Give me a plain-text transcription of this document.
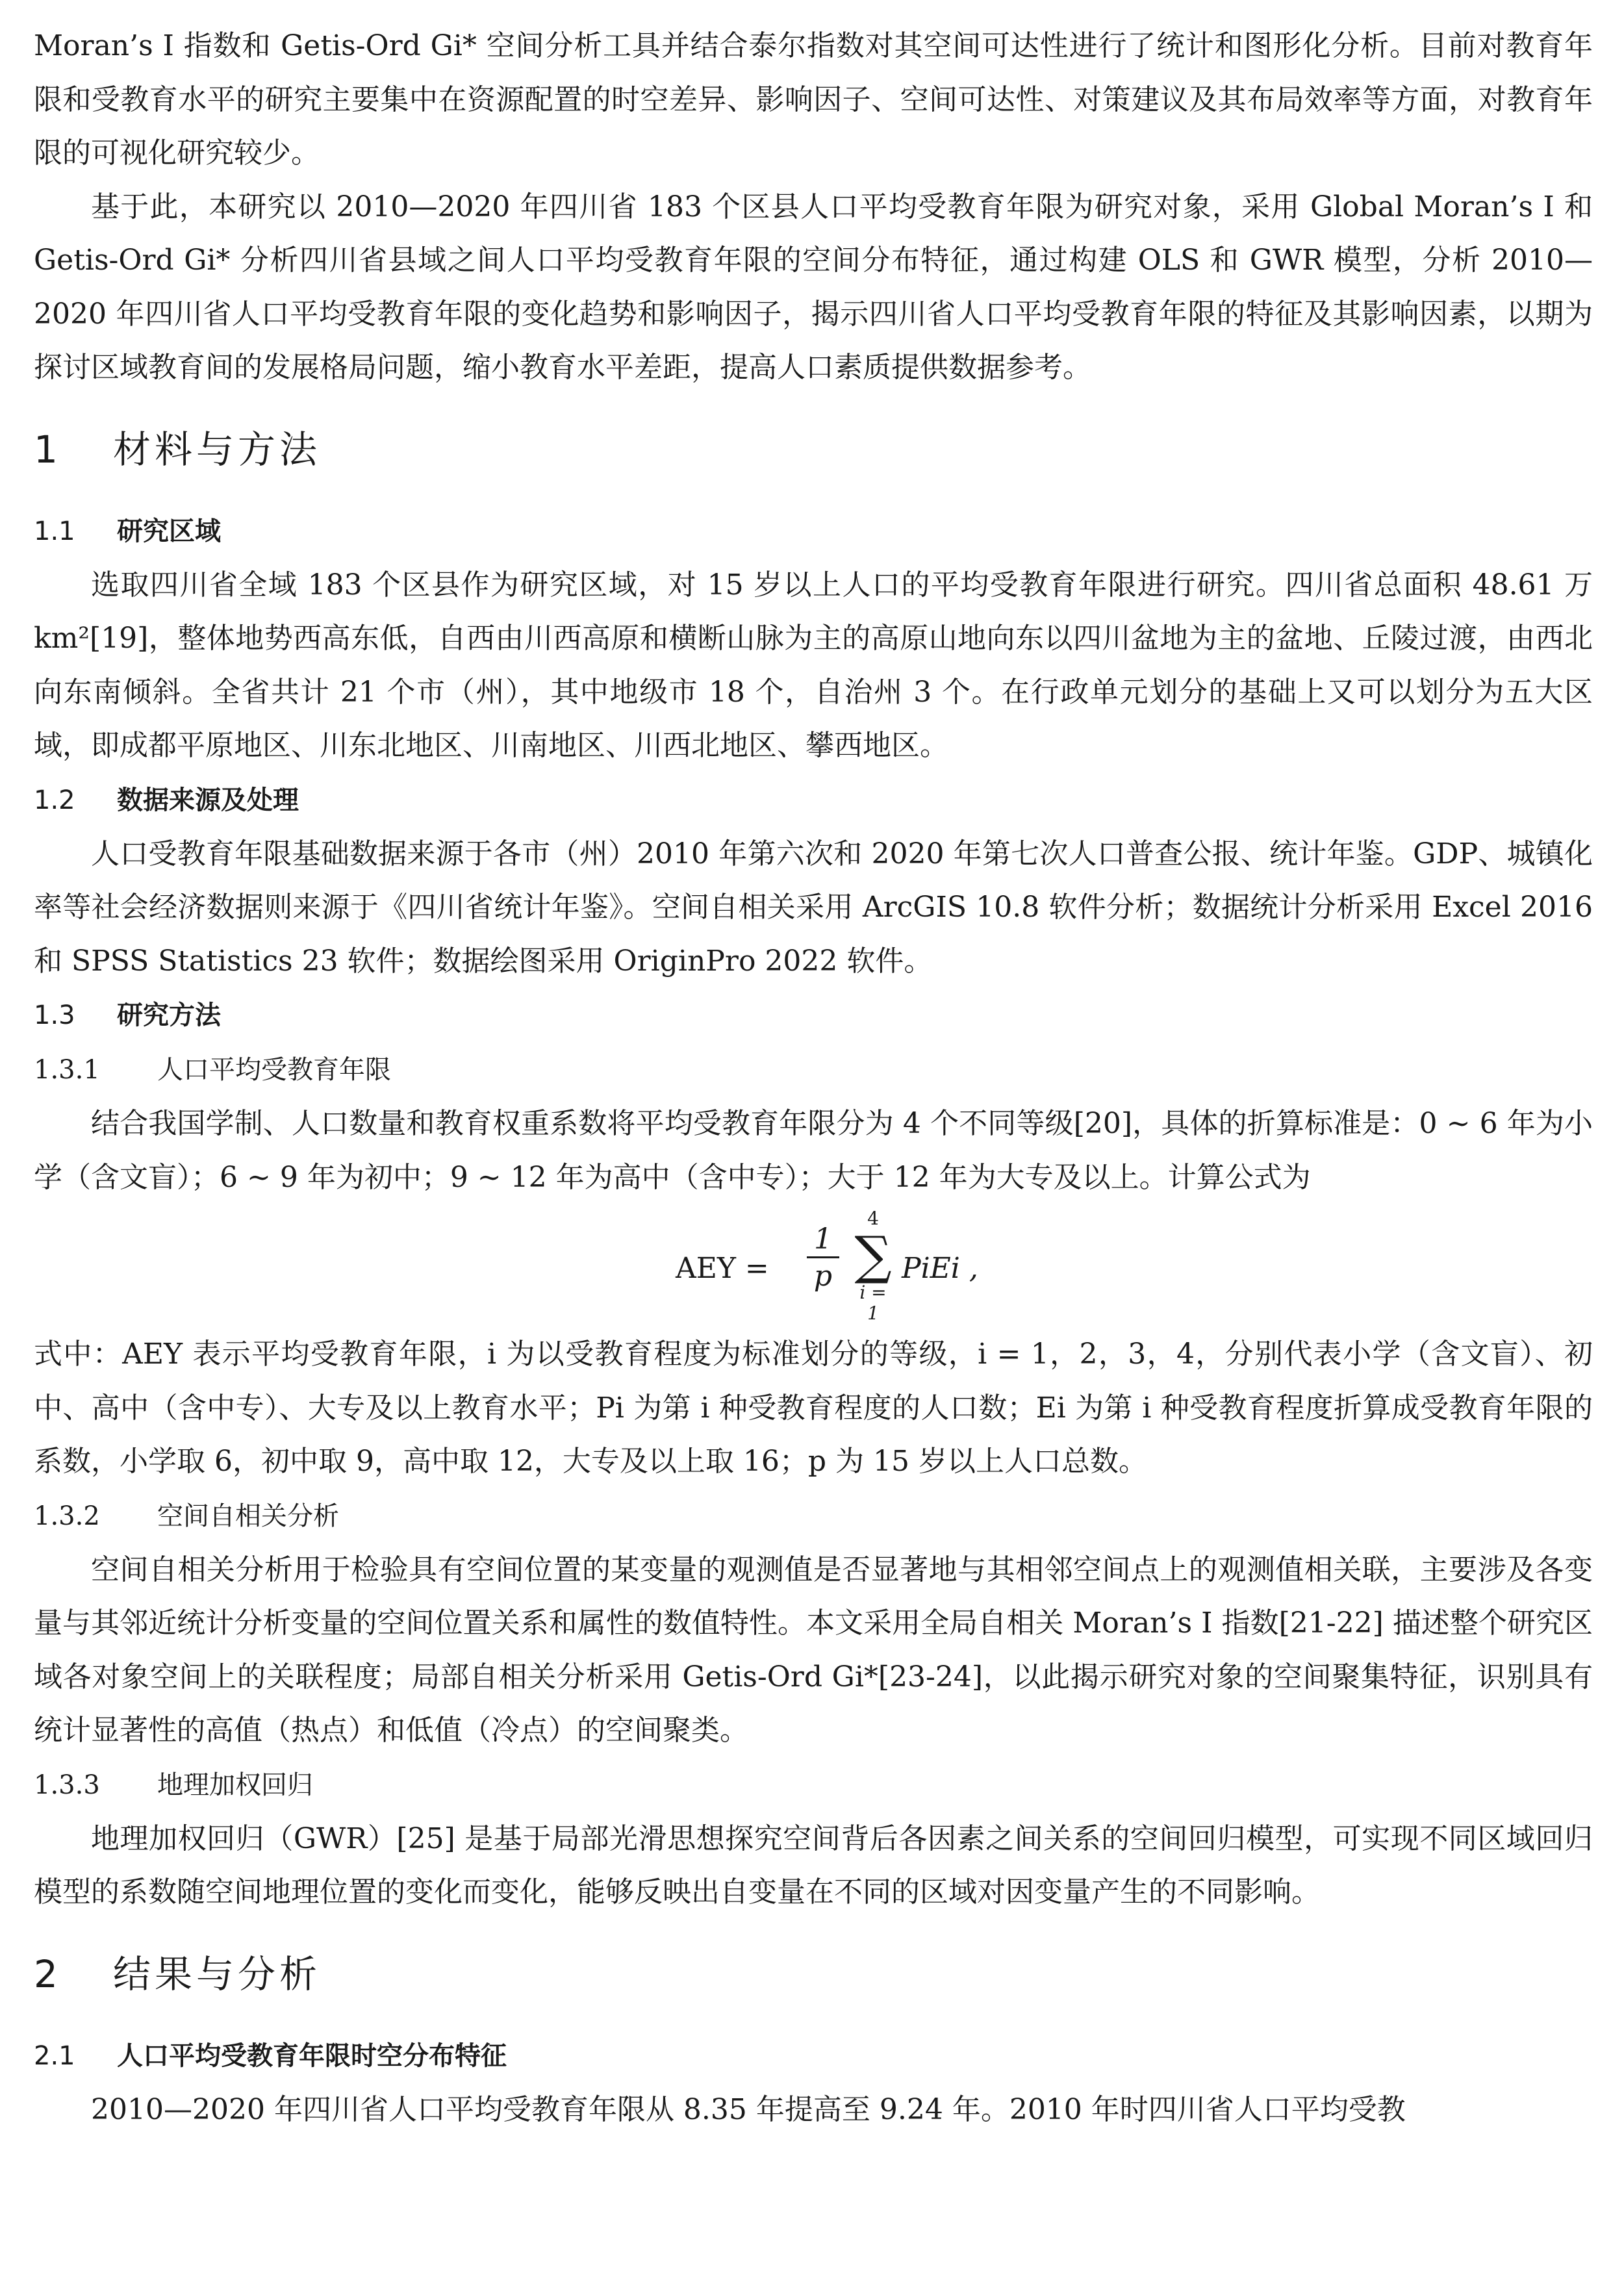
Moran’s I 指数和 Getis-Ord Gi* 空间分析工具并结合泰尔指数对其空间可达性进行了统计和图形化分析。目前对教育年限和受教育水平的研究主要集中在资源配置的时空差异、影响因子、空间可达性、对策建议及其布局效率等方面，对教育年限的可视化研究较少。

基于此，本研究以 2010—2020 年四川省 183 个区县人口平均受教育年限为研究对象，采用 Global Moran’s I 和 Getis-Ord Gi* 分析四川省县域之间人口平均受教育年限的空间分布特征，通过构建 OLS 和 GWR 模型，分析 2010—2020 年四川省人口平均受教育年限的变化趋势和影响因子，揭示四川省人口平均受教育年限的特征及其影响因素，以期为探讨区域教育间的发展格局问题，缩小教育水平差距，提高人口素质提供数据参考。

1 材料与方法
1.1 研究区域

选取四川省全域 183 个区县作为研究区域，对 15 岁以上人口的平均受教育年限进行研究。四川省总面积 48.61 万 km²[19]，整体地势西高东低，自西由川西高原和横断山脉为主的高原山地向东以四川盆地为主的盆地、丘陵过渡，由西北向东南倾斜。全省共计 21 个市（州），其中地级市 18 个，自治州 3 个。在行政单元划分的基础上又可以划分为五大区域，即成都平原地区、川东北地区、川南地区、川西北地区、攀西地区。

1.2 数据来源及处理

人口受教育年限基础数据来源于各市（州）2010 年第六次和 2020 年第七次人口普查公报、统计年鉴。GDP、城镇化率等社会经济数据则来源于《四川省统计年鉴》。空间自相关采用 ArcGIS 10.8 软件分析；数据统计分析采用 Excel 2016 和 SPSS Statistics 23 软件；数据绘图采用 OriginPro 2022 软件。

1.3 研究方法
1.3.1 人口平均受教育年限

结合我国学制、人口数量和教育权重系数将平均受教育年限分为 4 个不同等级[20]，具体的折算标准是：0 ~ 6 年为小学（含文盲）；6 ~ 9 年为初中；9 ~ 12 年为高中（含中专）；大于 12 年为大专及以上。计算公式为

AEY =
1
p
4
∑
i = 1
PiEi ,

式中：AEY 表示平均受教育年限，i 为以受教育程度为标准划分的等级，i = 1，2，3，4，分别代表小学（含文盲）、初中、高中（含中专）、大专及以上教育水平；Pi 为第 i 种受教育程度的人口数；Ei 为第 i 种受教育程度折算成受教育年限的系数，小学取 6，初中取 9，高中取 12，大专及以上取 16；p 为 15 岁以上人口总数。

1.3.2 空间自相关分析

空间自相关分析用于检验具有空间位置的某变量的观测值是否显著地与其相邻空间点上的观测值相关联，主要涉及各变量与其邻近统计分析变量的空间位置关系和属性的数值特性。本文采用全局自相关 Moran’s I 指数[21-22] 描述整个研究区域各对象空间上的关联程度；局部自相关分析采用 Getis-Ord Gi*[23-24]，以此揭示研究对象的空间聚集特征，识别具有统计显著性的高值（热点）和低值（冷点）的空间聚类。

1.3.3 地理加权回归

地理加权回归（GWR）[25] 是基于局部光滑思想探究空间背后各因素之间关系的空间回归模型，可实现不同区域回归模型的系数随空间地理位置的变化而变化，能够反映出自变量在不同的区域对因变量产生的不同影响。

2 结果与分析
2.1 人口平均受教育年限时空分布特征

2010—2020 年四川省人口平均受教育年限从 8.35 年提高至 9.24 年。2010 年时四川省人口平均受教
